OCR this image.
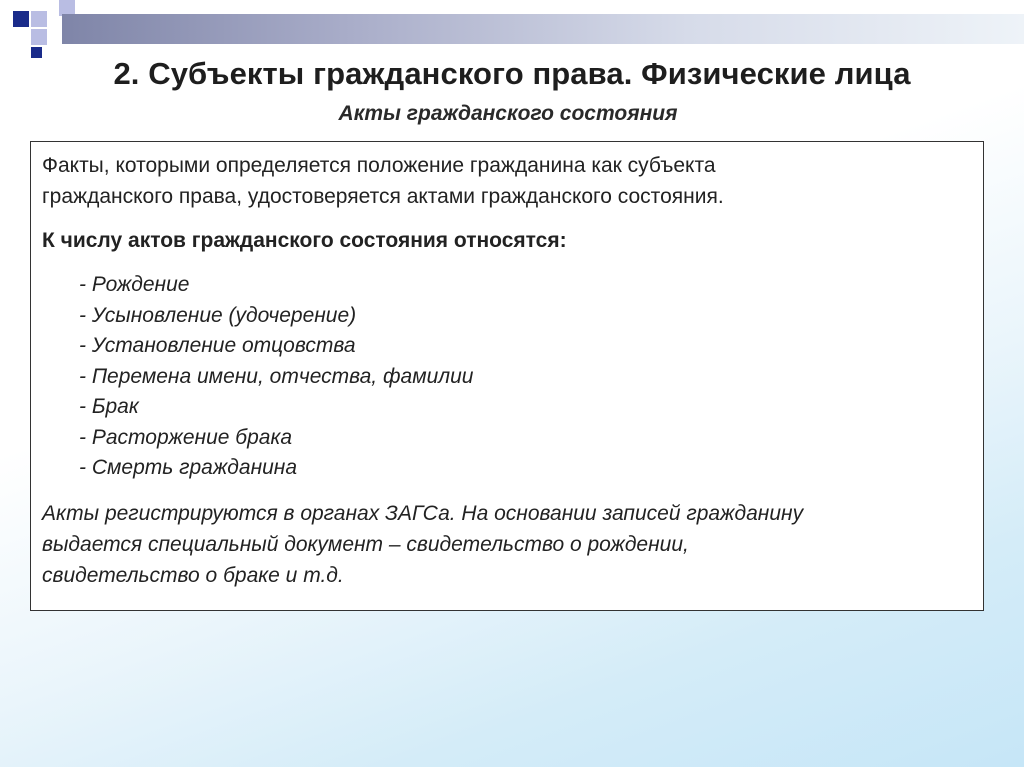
2. Субъекты гражданского права. Физические лица
Акты гражданского состояния
Факты, которыми определяется положение гражданина как субъекта
гражданского права, удостоверяется актами гражданского состояния.
К числу актов гражданского состояния относятся:
- Рождение
- Усыновление (удочерение)
- Установление отцовства
- Перемена имени, отчества, фамилии
- Брак
- Расторжение брака
- Смерть гражданина
Акты регистрируются в органах ЗАГСа. На основании записей гражданину
выдается специальный документ – свидетельство о рождении,
свидетельство о браке и т.д.
